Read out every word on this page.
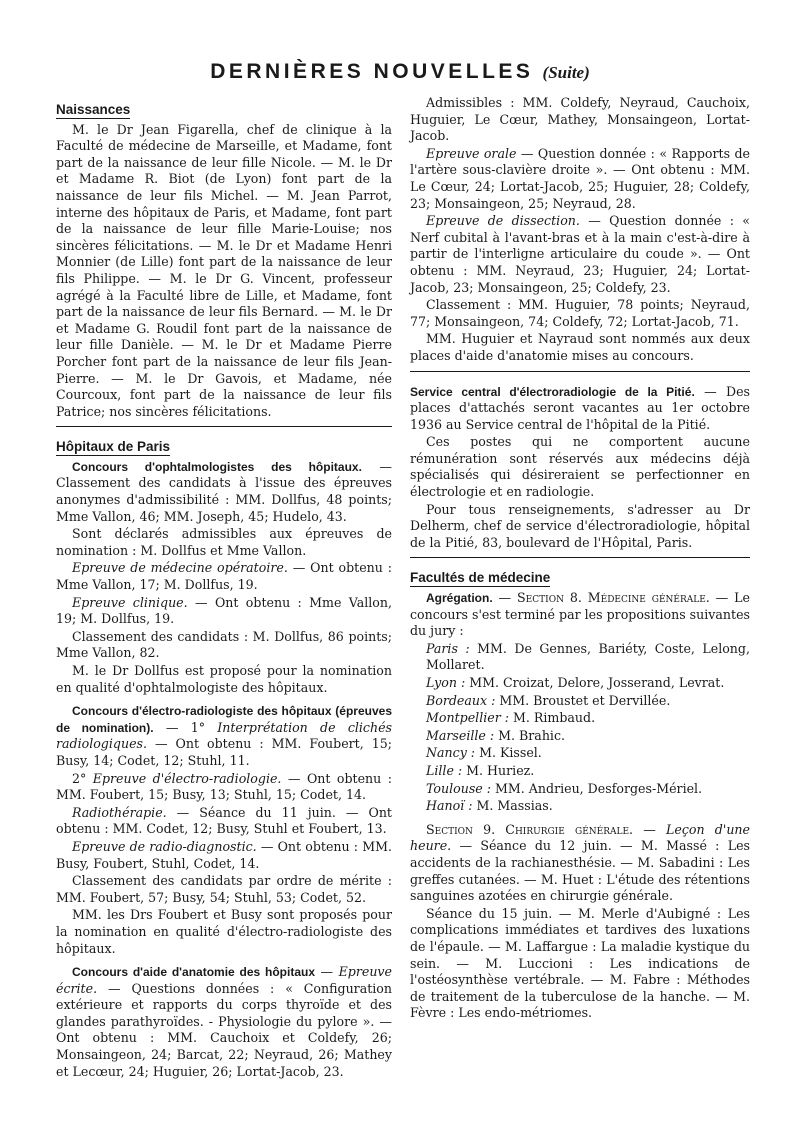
DERNIÈRES NOUVELLES (Suite)
Naissances

M. le Dr Jean Figarella, chef de clinique à la Faculté de médecine de Marseille, et Madame, font part de la naissance de leur fille Nicole. — M. le Dr et Madame R. Biot (de Lyon) font part de la naissance de leur fils Michel. — M. Jean Parrot, interne des hôpitaux de Paris, et Madame, font part de la naissance de leur fille Marie-Louise; nos sincères félicitations. — M. le Dr et Madame Henri Monnier (de Lille) font part de la naissance de leur fils Philippe. — M. le Dr G. Vincent, professeur agrégé à la Faculté libre de Lille, et Madame, font part de la naissance de leur fils Bernard. — M. le Dr et Madame G. Roudil font part de la naissance de leur fille Danièle. — M. le Dr et Madame Pierre Porcher font part de la naissance de leur fils Jean-Pierre. — M. le Dr Gavois, et Madame, née Courcoux, font part de la naissance de leur fils Patrice; nos sincères félicitations.

Hôpitaux de Paris

Concours d'ophtalmologistes des hôpitaux. — Classement des candidats à l'issue des épreuves anonymes d'admissibilité : MM. Dollfus, 48 points; Mme Vallon, 46; MM. Joseph, 45; Hudelo, 43.

Sont déclarés admissibles aux épreuves de nomination : M. Dollfus et Mme Vallon.

Epreuve de médecine opératoire. — Ont obtenu : Mme Vallon, 17; M. Dollfus, 19.

Epreuve clinique. — Ont obtenu : Mme Vallon, 19; M. Dollfus, 19.

Classement des candidats : M. Dollfus, 86 points; Mme Vallon, 82.

M. le Dr Dollfus est proposé pour la nomination en qualité d'ophtalmologiste des hôpitaux.

Concours d'électro-radiologiste des hôpitaux (épreuves de nomination). — 1° Interprétation de clichés radiologiques. — Ont obtenu : MM. Foubert, 15; Busy, 14; Codet, 12; Stuhl, 11.

2° Epreuve d'électro-radiologie. — Ont obtenu : MM. Foubert, 15; Busy, 13; Stuhl, 15; Codet, 14.

Radiothérapie. — Séance du 11 juin. — Ont obtenu : MM. Codet, 12; Busy, Stuhl et Foubert, 13.

Epreuve de radio-diagnostic. — Ont obtenu : MM. Busy, Foubert, Stuhl, Codet, 14.

Classement des candidats par ordre de mérite : MM. Foubert, 57; Busy, 54; Stuhl, 53; Codet, 52.

MM. les Drs Foubert et Busy sont proposés pour la nomination en qualité d'électro-radiologiste des hôpitaux.

Concours d'aide d'anatomie des hôpitaux — Epreuve écrite. — Questions données : « Configuration extérieure et rapports du corps thyroïde et des glandes parathyroïdes. - Physiologie du pylore ». — Ont obtenu : MM. Cauchoix et Coldefy, 26; Monsaingeon, 24; Barcat, 22; Neyraud, 26; Mathey et Lecœur, 24; Huguier, 26; Lortat-Jacob, 23.

Admissibles : MM. Coldefy, Neyraud, Cauchoix, Huguier, Le Cœur, Mathey, Monsaingeon, Lortat-Jacob.

Epreuve orale — Question donnée : « Rapports de l'artère sous-clavière droite ». — Ont obtenu : MM. Le Cœur, 24; Lortat-Jacob, 25; Huguier, 28; Coldefy, 23; Monsaingeon, 25; Neyraud, 28.

Epreuve de dissection. — Question donnée : « Nerf cubital à l'avant-bras et à la main c'est-à-dire à partir de l'interligne articulaire du coude ». — Ont obtenu : MM. Neyraud, 23; Huguier, 24; Lortat-Jacob, 23; Monsaingeon, 25; Coldefy, 23.

Classement : MM. Huguier, 78 points; Neyraud, 77; Monsaingeon, 74; Coldefy, 72; Lortat-Jacob, 71.

MM. Huguier et Nayraud sont nommés aux deux places d'aide d'anatomie mises au concours.

Service central d'électroradiologie de la Pitié. — Des places d'attachés seront vacantes au 1er octobre 1936 au Service central de l'hôpital de la Pitié.

Ces postes qui ne comportent aucune rémunération sont réservés aux médecins déjà spécialisés qui désireraient se perfectionner en électrologie et en radiologie.

Pour tous renseignements, s'adresser au Dr Delherm, chef de service d'électroradiologie, hôpital de la Pitié, 83, boulevard de l'Hôpital, Paris.

Facultés de médecine

Agrégation. — Section 8. Médecine générale. — Le concours s'est terminé par les propositions suivantes du jury :

Paris : MM. De Gennes, Bariéty, Coste, Lelong, Mollaret.

Lyon : MM. Croizat, Delore, Josserand, Levrat.

Bordeaux : MM. Broustet et Dervillée.

Montpellier : M. Rimbaud.

Marseille : M. Brahic.

Nancy : M. Kissel.

Lille : M. Huriez.

Toulouse : MM. Andrieu, Desforges-Mériel.

Hanoï : M. Massias.

Section 9. Chirurgie générale. — Leçon d'une heure. — Séance du 12 juin. — M. Massé : Les accidents de la rachianesthésie. — M. Sabadini : Les greffes cutanées. — M. Huet : L'étude des rétentions sanguines azotées en chirurgie générale.

Séance du 15 juin. — M. Merle d'Aubigné : Les complications immédiates et tardives des luxations de l'épaule. — M. Laffargue : La maladie kystique du sein. — M. Luccioni : Les indications de l'ostéosynthèse vertébrale. — M. Fabre : Méthodes de traitement de la tuberculose de la hanche. — M. Fèvre : Les endo-métriomes.
